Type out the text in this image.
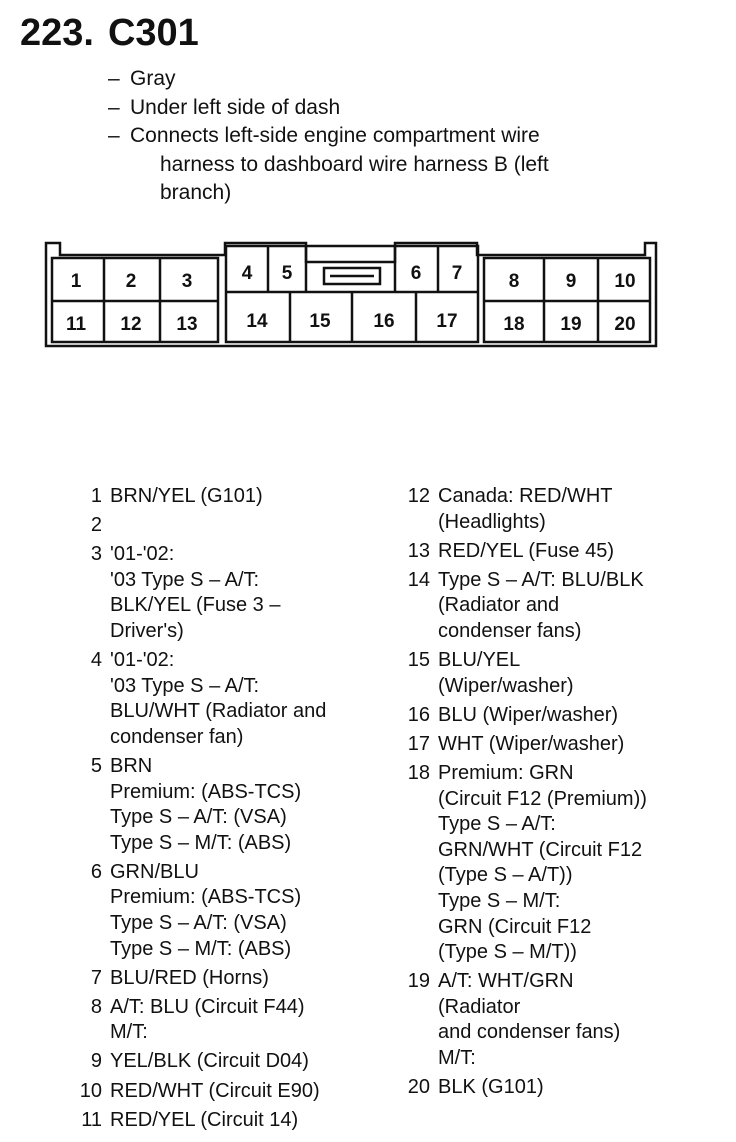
223. C301
– Gray
– Under left side of dash
– Connects left-side engine compartment wire
harness to dashboard wire harness B (left
branch)
1 2 3	4 5	6 7 8 9 10
11 12 13	14 15 16 17 18 19 20
1 BRN/YEL (G101)
2
3 '01-'02:
'03 Type S – A/T:
BLK/YEL (Fuse 3 –
Driver's)
4 '01-'02:
'03 Type S – A/T:
BLU/WHT (Radiator and
condenser fan)
5 BRN
Premium: (ABS-TCS)
Type S – A/T: (VSA)
Type S – M/T: (ABS)
6 GRN/BLU
Premium: (ABS-TCS)
Type S – A/T: (VSA)
Type S – M/T: (ABS)
7 BLU/RED (Horns)
8 A/T: BLU (Circuit F44)
M/T:
9 YEL/BLK (Circuit D04)
10 RED/WHT (Circuit E90)
11 RED/YEL (Circuit 14)
12 Canada: RED/WHT
(Headlights)
13 RED/YEL (Fuse 45)
14 Type S – A/T: BLU/BLK
(Radiator and
condenser fans)
15 BLU/YEL
(Wiper/washer)
16 BLU (Wiper/washer)
17 WHT (Wiper/washer)
18 Premium: GRN
(Circuit F12 (Premium))
Type S – A/T:
GRN/WHT (Circuit F12
(Type S – A/T))
Type S – M/T:
GRN (Circuit F12
(Type S – M/T))
19 A/T: WHT/GRN
(Radiator
and condenser fans)
M/T:
20 BLK (G101)
